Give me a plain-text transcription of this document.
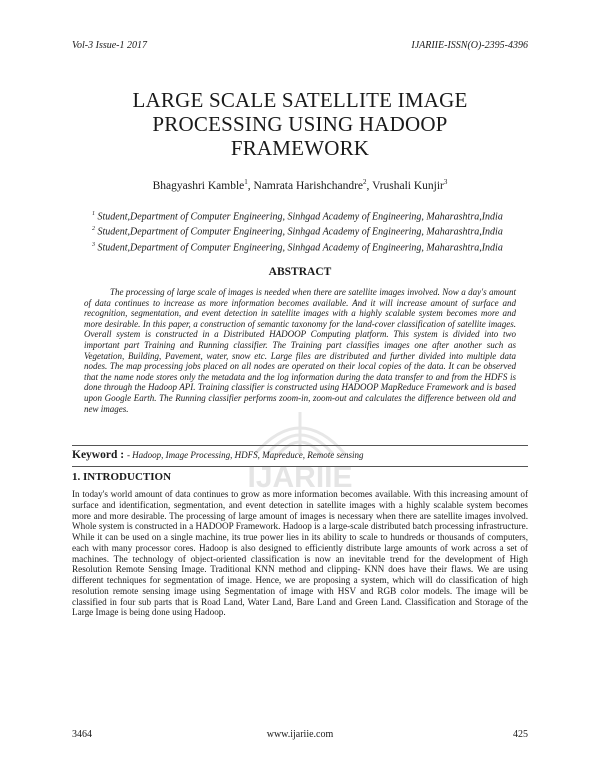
Vol-3 Issue-1 2017	IJARIIE-ISSN(O)-2395-4396
LARGE SCALE SATELLITE IMAGE
PROCESSING USING HADOOP
FRAMEWORK
Bhagyashri Kamble$^1$, Namrata Harishchandre$^2$, Vrushali Kunjir$^3$
$^1$ Student,Department of Computer Engineering, Sinhgad Academy of Engineering, Maharashtra,India
$^2$ Student,Department of Computer Engineering, Sinhgad Academy of Engineering, Maharashtra,India
$^3$ Student,Department of Computer Engineering, Sinhgad Academy of Engineering, Maharashtra,India
ABSTRACT
The processing of large scale of images is needed when there are satellite images involved. Now a day's amount of data continues to increase as more information becomes available. And it will increase amount of surface and recognition, segmentation, and event detection in satellite images with a highly scalable system becomes more and more desirable. In this paper, a construction of semantic taxonomy for the land-cover classification of satellite images. Overall system is constructed in a Distributed HADOOP Computing platform. This system is divided into two important part Training and Running classifier. The Training part classifies images one after another such as Vegetation, Building, Pavement, water, snow etc. Large files are distributed and further divided into multiple data nodes. The map processing jobs placed on all nodes are operated on their local copies of the data. It can be observed that the name node stores only the metadata and the log information during the data transfer to and from the HDFS is done through the Hadoop API. Training classifier is constructed using HADOOP MapReduce Framework and is based upon Google Earth. The Running classifier performs zoom-in, zoom-out and calculates the difference between old and new images.
IJARIIE
Keyword : - Hadoop, Image Processing, HDFS, Mapreduce, Remote sensing
1. INTRODUCTION
In today's world amount of data continues to grow as more information becomes available. With this increasing amount of surface and identification, segmentation, and event detection in satellite images with a highly scalable system becomes more and more desirable. The processing of large amount of images is necessary when there are satellite images involved. Whole system is constructed in a HADOOP Framework. Hadoop is a large-scale distributed batch processing infrastructure. While it can be used on a single machine, its true power lies in its ability to scale to hundreds or thousands of computers, each with many processor cores. Hadoop is also designed to efficiently distribute large amounts of work across a set of machines. The technology of object-oriented classification is now an inevitable trend for the development of High Resolution Remote Sensing Image. Traditional KNN method and clipping- KNN does have their flaws. We are using different techniques for segmentation of image. Hence, we are proposing a system, which will do classification of high resolution remote sensing image using Segmentation of image with HSV and RGB color models. The image will be classified in four sub parts that is Road Land, Water Land, Bare Land and Green Land. Classification and Storage of the Large Image is being done using Hadoop.
3464	www.ijariie.com	425
